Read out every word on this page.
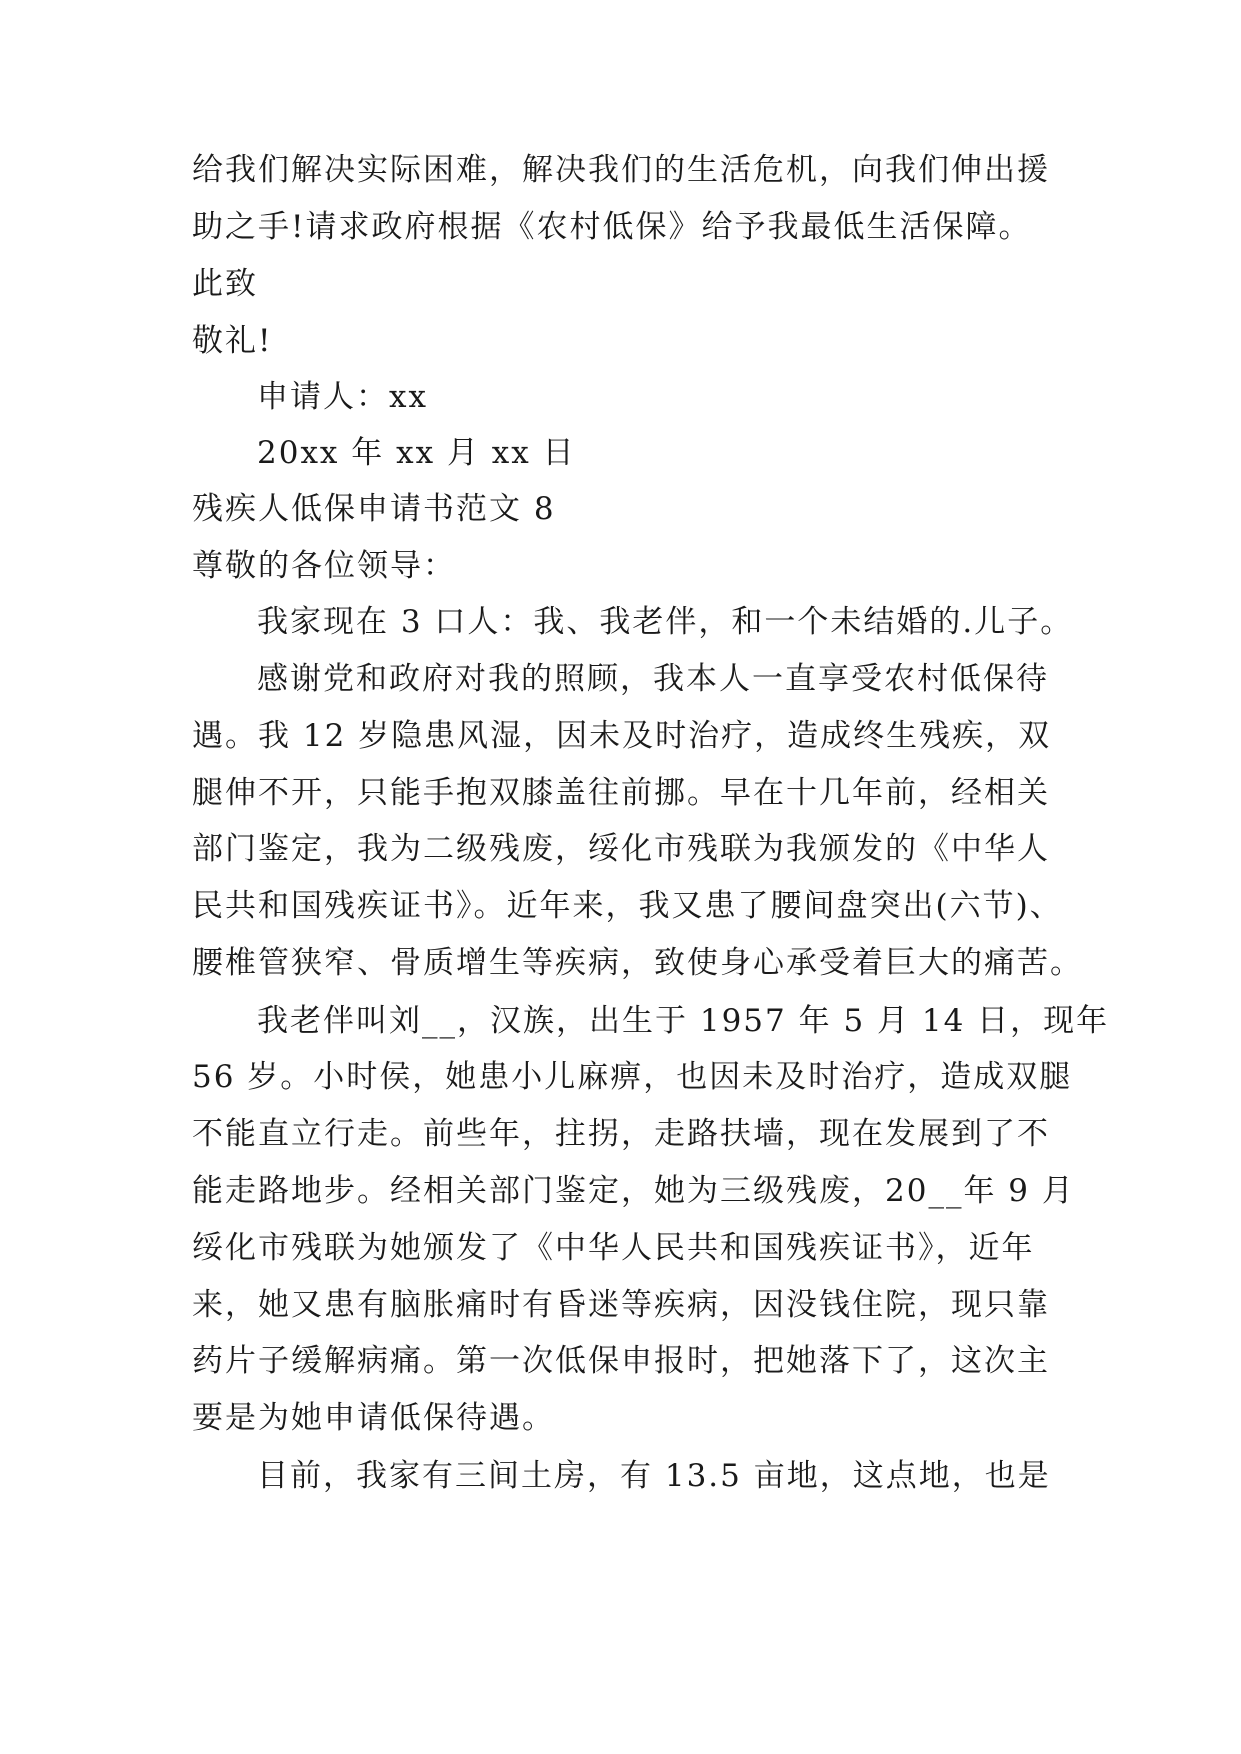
给我们解决实际困难，解决我们的生活危机，向我们伸出援
助之手!请求政府根据《农村低保》给予我最低生活保障。
此致
敬礼!
申请人：xx
20xx 年 xx 月 xx 日
残疾人低保申请书范文 8
尊敬的各位领导：
我家现在 3 口人：我、我老伴，和一个未结婚的.儿子。
感谢党和政府对我的照顾，我本人一直享受农村低保待
遇。我 12 岁隐患风湿，因未及时治疗，造成终生残疾，双
腿伸不开，只能手抱双膝盖往前挪。早在十几年前，经相关
部门鉴定，我为二级残废，绥化市残联为我颁发的《中华人
民共和国残疾证书》。近年来，我又患了腰间盘突出(六节)、
腰椎管狭窄、骨质增生等疾病，致使身心承受着巨大的痛苦。
我老伴叫刘__，汉族，出生于 1957 年 5 月 14 日，现年
56 岁。小时侯，她患小儿麻痹，也因未及时治疗，造成双腿
不能直立行走。前些年，拄拐，走路扶墙，现在发展到了不
能走路地步。经相关部门鉴定，她为三级残废，20__年 9 月
绥化市残联为她颁发了《中华人民共和国残疾证书》，近年
来，她又患有脑胀痛时有昏迷等疾病，因没钱住院，现只靠
药片子缓解病痛。第一次低保申报时，把她落下了，这次主
要是为她申请低保待遇。
目前，我家有三间土房，有 13.5 亩地，这点地，也是
